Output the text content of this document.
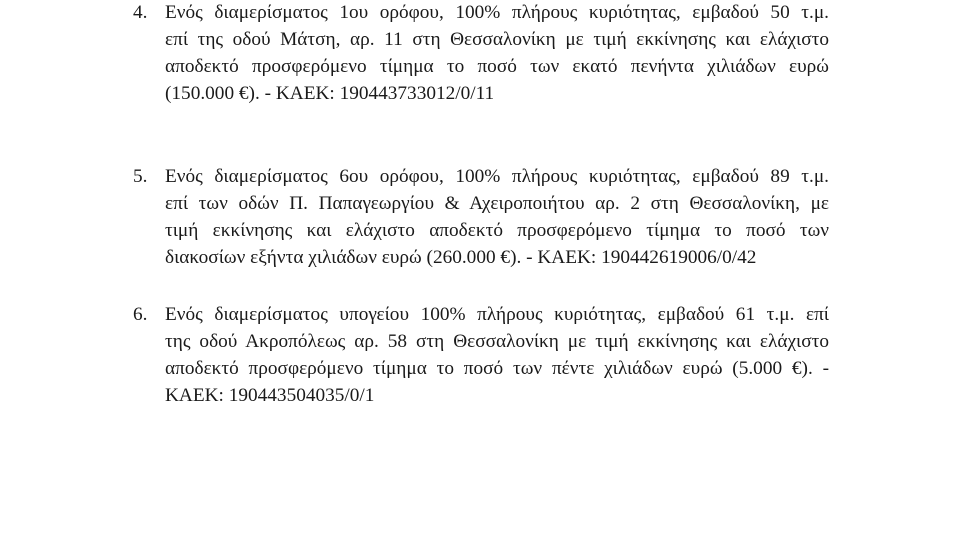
4. Ενός διαμερίσματος 1ου ορόφου, 100% πλήρους κυριότητας, εμβαδού 50 τ.μ.
επί της οδού Μάτση, αρ. 11 στη Θεσσαλονίκη με τιμή εκκίνησης και ελάχιστο
αποδεκτό προσφερόμενο τίμημα το ποσό των εκατό πενήντα χιλιάδων ευρώ
(150.000 €). - ΚΑΕΚ: 190443733012/0/11
5. Ενός διαμερίσματος 6ου ορόφου, 100% πλήρους κυριότητας, εμβαδού 89 τ.μ.
επί των οδών Π. Παπαγεωργίου & Αχειροποιήτου αρ. 2 στη Θεσσαλονίκη, με
τιμή εκκίνησης και ελάχιστο αποδεκτό προσφερόμενο τίμημα το ποσό των
διακοσίων εξήντα χιλιάδων ευρώ (260.000 €). - ΚΑΕΚ: 190442619006/0/42
6. Ενός διαμερίσματος υπογείου 100% πλήρους κυριότητας, εμβαδού 61 τ.μ. επί
της οδού Ακροπόλεως αρ. 58 στη Θεσσαλονίκη με τιμή εκκίνησης και ελάχιστο
αποδεκτό προσφερόμενο τίμημα το ποσό των πέντε χιλιάδων ευρώ (5.000 €). -
ΚΑΕΚ: 190443504035/0/1
